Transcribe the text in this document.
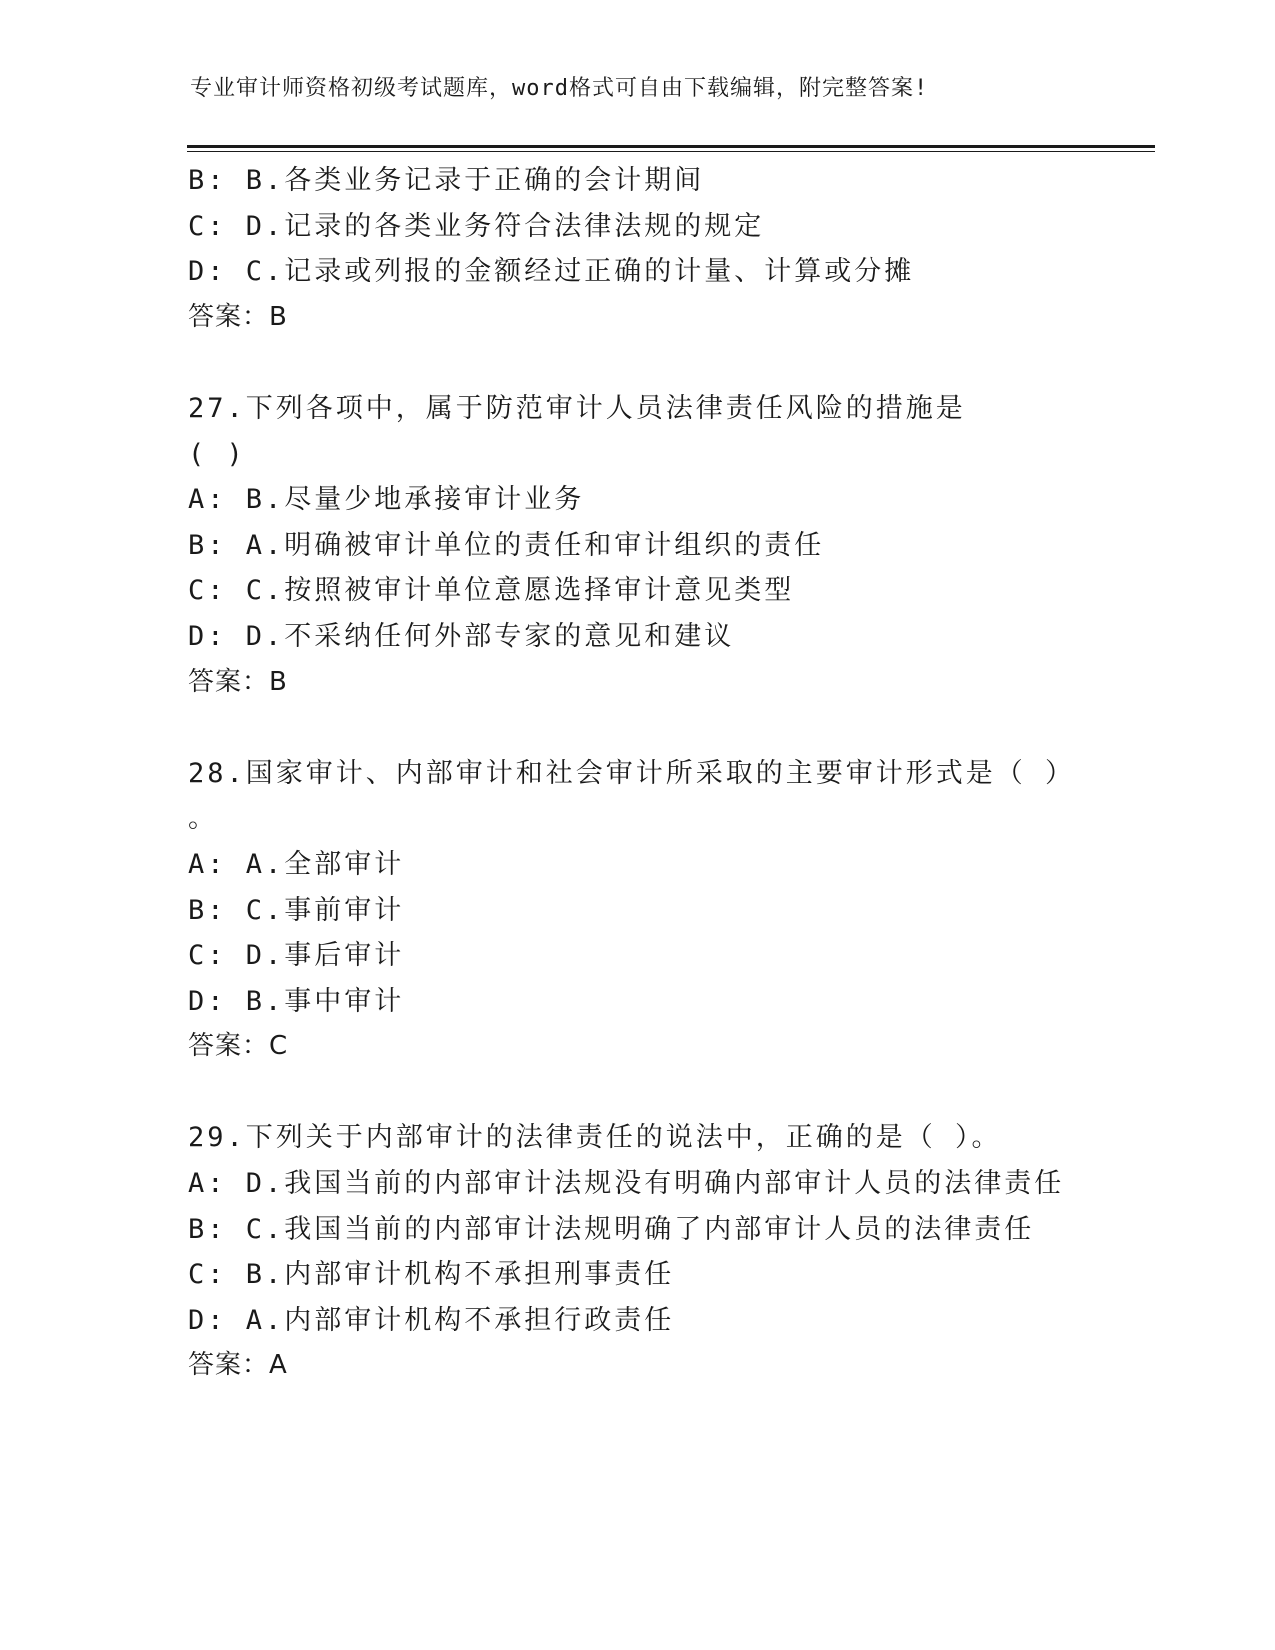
专业审计师资格初级考试题库，word格式可自由下载编辑，附完整答案!
B: B.各类业务记录于正确的会计期间
C: D.记录的各类业务符合法律法规的规定
D: C.记录或列报的金额经过正确的计量、计算或分摊
答案：B
27.下列各项中，属于防范审计人员法律责任风险的措施是
( )
A: B.尽量少地承接审计业务
B: A.明确被审计单位的责任和审计组织的责任
C: C.按照被审计单位意愿选择审计意见类型
D: D.不采纳任何外部专家的意见和建议
答案：B
28.国家审计、内部审计和社会审计所采取的主要审计形式是（ ）
。
A: A.全部审计
B: C.事前审计
C: D.事后审计
D: B.事中审计
答案：C
29.下列关于内部审计的法律责任的说法中，正确的是（ ）。
A: D.我国当前的内部审计法规没有明确内部审计人员的法律责任
B: C.我国当前的内部审计法规明确了内部审计人员的法律责任
C: B.内部审计机构不承担刑事责任
D: A.内部审计机构不承担行政责任
答案：A
